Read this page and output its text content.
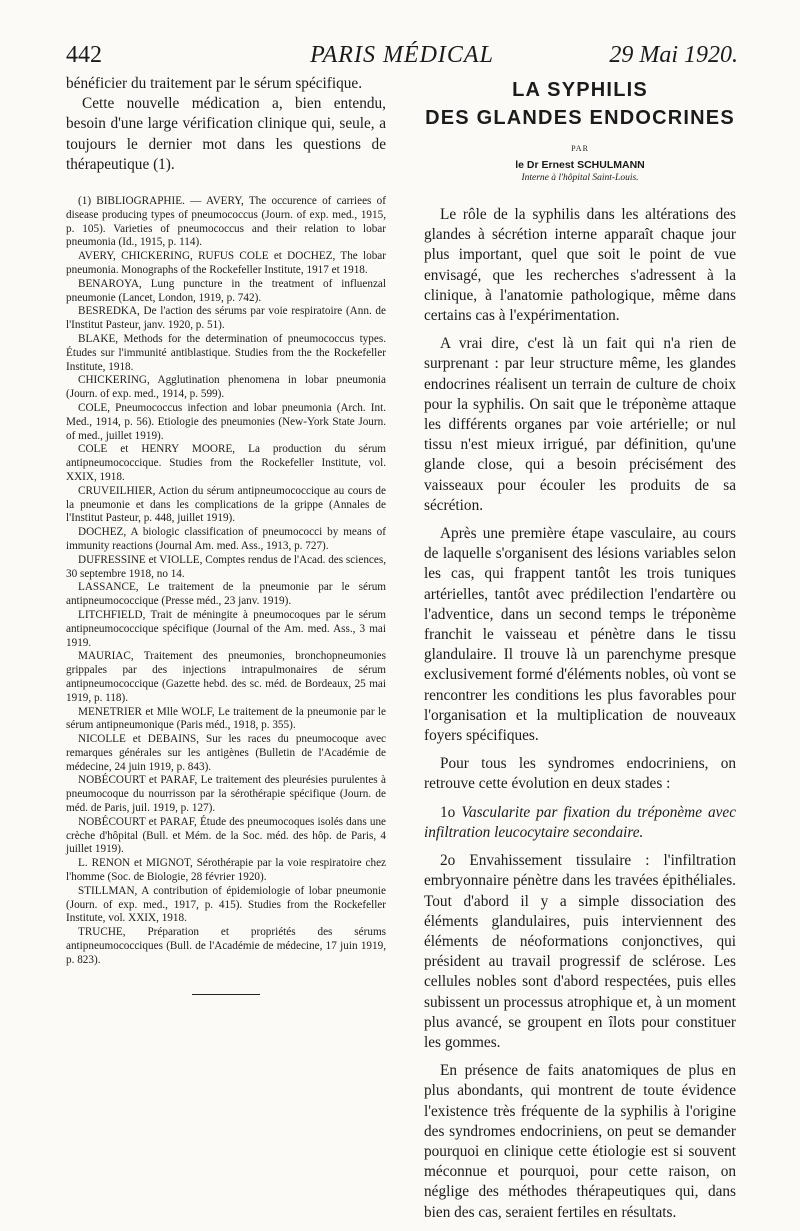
442	PARIS MÉDICAL	29 Mai 1920.

bénéficier du traitement par le sérum spécifique.

Cette nouvelle médication a, bien entendu, besoin d'une large vérification clinique qui, seule, a toujours le dernier mot dans les questions de thérapeutique (1).

(1) BIBLIOGRAPHIE. — AVERY, The occurence of carriees of disease producing types of pneumococcus (Journ. of exp. med., 1915, p. 105). Varieties of pneumococcus and their relation to lobar pneumonia (Id., 1915, p. 114).

AVERY, CHICKERING, RUFUS COLE et DOCHEZ, The lobar pneumonia. Monographs of the Rockefeller Institute, 1917 et 1918.

BENAROYA, Lung puncture in the treatment of influenzal pneumonie (Lancet, London, 1919, p. 742).

BESREDKA, De l'action des sérums par voie respiratoire (Ann. de l'Institut Pasteur, janv. 1920, p. 51).

BLAKE, Methods for the determination of pneumococcus types. Études sur l'immunité antiblastique. Studies from the the Rockefeller Institute, 1918.

CHICKERING, Agglutination phenomena in lobar pneumonia (Journ. of exp. med., 1914, p. 599).

COLE, Pneumococcus infection and lobar pneumonia (Arch. Int. Med., 1914, p. 56). Etiologie des pneumonies (New-York State Journ. of med., juillet 1919).

COLE et HENRY MOORE, La production du sérum antipneumococcique. Studies from the Rockefeller Institute, vol. XXIX, 1918.

CRUVEILHIER, Action du sérum antipneumococcique au cours de la pneumonie et dans les complications de la grippe (Annales de l'Institut Pasteur, p. 448, juillet 1919).

DOCHEZ, A biologic classification of pneumococci by means of immunity reactions (Journal Am. med. Ass., 1913, p. 727).

DUFRESSINE et VIOLLE, Comptes rendus de l'Acad. des sciences, 30 septembre 1918, no 14.

LASSANCE, Le traitement de la pneumonie par le sérum antipneumococcique (Presse méd., 23 janv. 1919).

LITCHFIELD, Trait de méningite à pneumocoques par le sérum antipneumococcique spécifique (Journal of the Am. med. Ass., 3 mai 1919.

MAURIAC, Traitement des pneumonies, bronchopneumonies grippales par des injections intrapulmonaires de sérum antipneumococcique (Gazette hebd. des sc. méd. de Bordeaux, 25 mai 1919, p. 118).

MENETRIER et Mlle WOLF, Le traitement de la pneumonie par le sérum antipneumonique (Paris méd., 1918, p. 355).

NICOLLE et DEBAINS, Sur les races du pneumocoque avec remarques générales sur les antigènes (Bulletin de l'Académie de médecine, 24 juin 1919, p. 843).

NOBÉCOURT et PARAF, Le traitement des pleurésies purulentes à pneumocoque du nourrisson par la sérothérapie spécifique (Journ. de méd. de Paris, juil. 1919, p. 127).

NOBÉCOURT et PARAF, Étude des pneumocoques isolés dans une crèche d'hôpital (Bull. et Mém. de la Soc. méd. des hôp. de Paris, 4 juillet 1919).

L. RENON et MIGNOT, Sérothérapie par la voie respiratoire chez l'homme (Soc. de Biologie, 28 février 1920).

STILLMAN, A contribution of épidemiologie of lobar pneumonie (Journ. of exp. med., 1917, p. 415). Studies from the Rockefeller Institute, vol. XXIX, 1918.

TRUCHE, Préparation et propriétés des sérums antipneumococciques (Bull. de l'Académie de médecine, 17 juin 1919, p. 823).

LA SYPHILIS

DES GLANDES ENDOCRINES

PAR
le Dr Ernest SCHULMANN
Interne à l'hôpital Saint-Louis.

Le rôle de la syphilis dans les altérations des glandes à sécrétion interne apparaît chaque jour plus important, quel que soit le point de vue envisagé, que les recherches s'adressent à la clinique, à l'anatomie pathologique, même dans certains cas à l'expérimentation.

A vrai dire, c'est là un fait qui n'a rien de surprenant : par leur structure même, les glandes endocrines réalisent un terrain de culture de choix pour la syphilis. On sait que le tréponème attaque les différents organes par voie artérielle; or nul tissu n'est mieux irrigué, par définition, qu'une glande close, qui a besoin précisément des vaisseaux pour écouler les produits de sa sécrétion.

Après une première étape vasculaire, au cours de laquelle s'organisent des lésions variables selon les cas, qui frappent tantôt les trois tuniques artérielles, tantôt avec prédilection l'endartère ou l'adventice, dans un second temps le tréponème franchit le vaisseau et pénètre dans le tissu glandulaire. Il trouve là un parenchyme presque exclusivement formé d'éléments nobles, où vont se rencontrer les conditions les plus favorables pour l'organisation et la multiplication de nouveaux foyers spécifiques.

Pour tous les syndromes endocriniens, on retrouve cette évolution en deux stades :

1o Vascularite par fixation du tréponème avec infiltration leucocytaire secondaire.

2o Envahissement tissulaire : l'infiltration embryonnaire pénètre dans les travées épithéliales. Tout d'abord il y a simple dissociation des éléments glandulaires, puis interviennent des éléments de néoformations conjonctives, qui président au travail progressif de sclérose. Les cellules nobles sont d'abord respectées, puis elles subissent un processus atrophique et, à un moment plus avancé, se groupent en îlots pour constituer les gommes.

En présence de faits anatomiques de plus en plus abondants, qui montrent de toute évidence l'existence très fréquente de la syphilis à l'origine des syndromes endocriniens, on peut se demander pourquoi en clinique cette étiologie est si souvent méconnue et pourquoi, pour cette raison, on néglige des méthodes thérapeutiques qui, dans bien des cas, seraient fertiles en résultats.
